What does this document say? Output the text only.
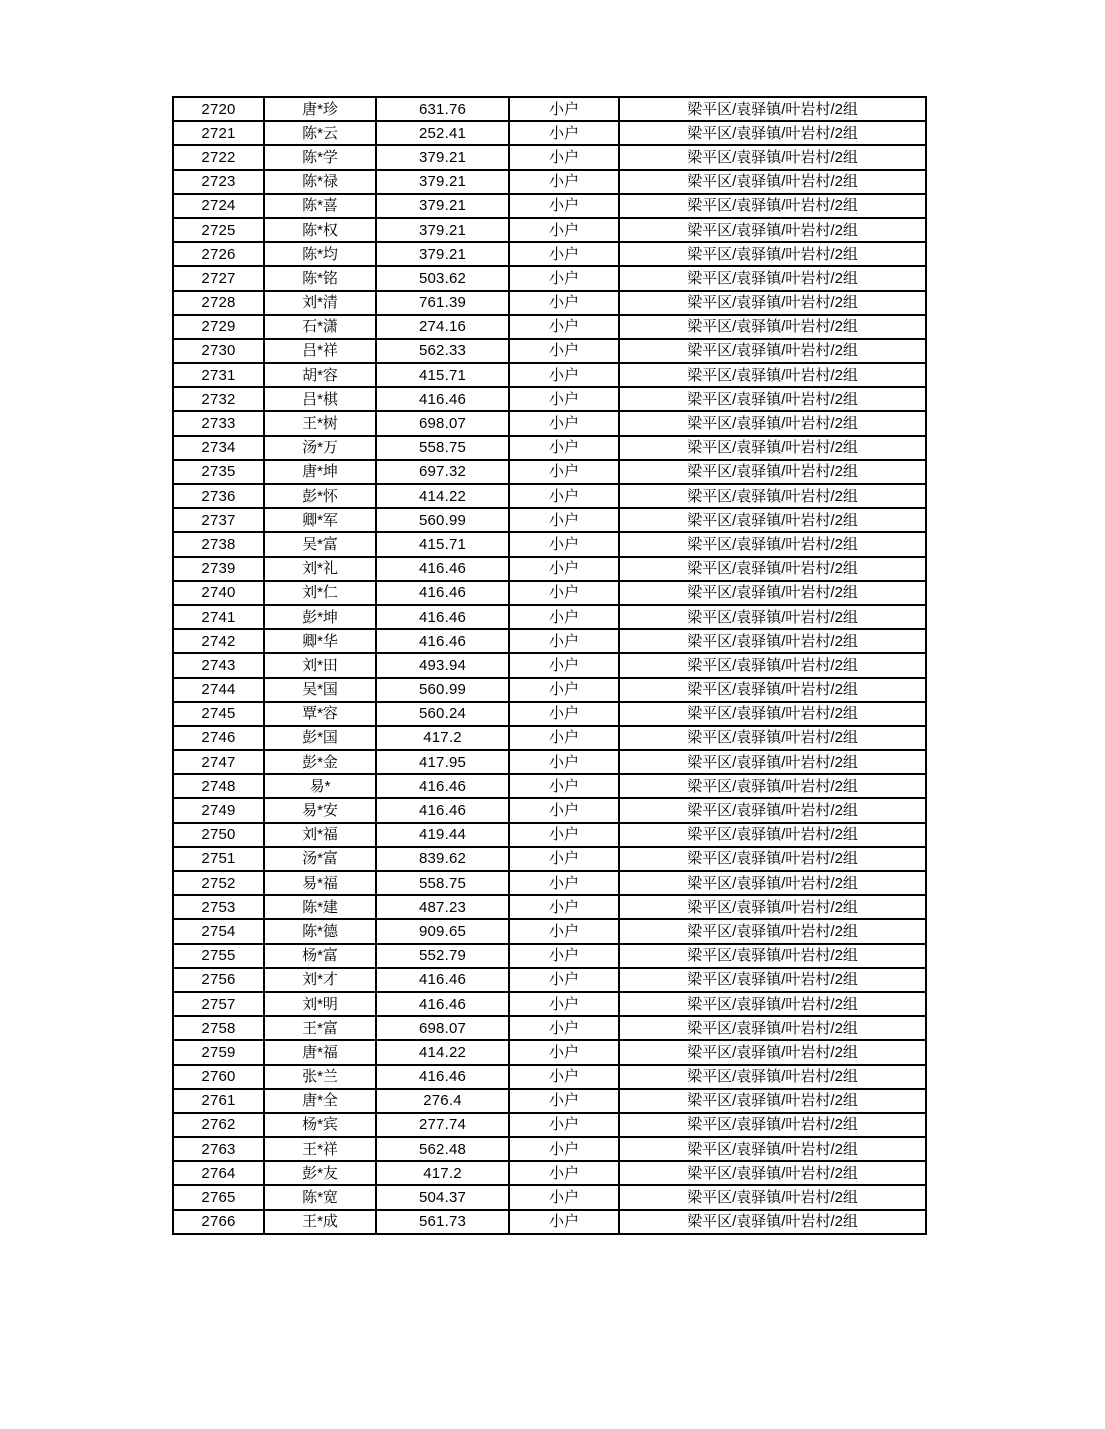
2720	唐*珍	631.76	小户	梁平区/袁驿镇/叶岩村/2组
2721	陈*云	252.41	小户	梁平区/袁驿镇/叶岩村/2组
2722	陈*学	379.21	小户	梁平区/袁驿镇/叶岩村/2组
2723	陈*禄	379.21	小户	梁平区/袁驿镇/叶岩村/2组
2724	陈*喜	379.21	小户	梁平区/袁驿镇/叶岩村/2组
2725	陈*权	379.21	小户	梁平区/袁驿镇/叶岩村/2组
2726	陈*均	379.21	小户	梁平区/袁驿镇/叶岩村/2组
2727	陈*铭	503.62	小户	梁平区/袁驿镇/叶岩村/2组
2728	刘*清	761.39	小户	梁平区/袁驿镇/叶岩村/2组
2729	石*潇	274.16	小户	梁平区/袁驿镇/叶岩村/2组
2730	吕*祥	562.33	小户	梁平区/袁驿镇/叶岩村/2组
2731	胡*容	415.71	小户	梁平区/袁驿镇/叶岩村/2组
2732	吕*棋	416.46	小户	梁平区/袁驿镇/叶岩村/2组
2733	王*树	698.07	小户	梁平区/袁驿镇/叶岩村/2组
2734	汤*万	558.75	小户	梁平区/袁驿镇/叶岩村/2组
2735	唐*坤	697.32	小户	梁平区/袁驿镇/叶岩村/2组
2736	彭*怀	414.22	小户	梁平区/袁驿镇/叶岩村/2组
2737	卿*军	560.99	小户	梁平区/袁驿镇/叶岩村/2组
2738	吴*富	415.71	小户	梁平区/袁驿镇/叶岩村/2组
2739	刘*礼	416.46	小户	梁平区/袁驿镇/叶岩村/2组
2740	刘*仁	416.46	小户	梁平区/袁驿镇/叶岩村/2组
2741	彭*坤	416.46	小户	梁平区/袁驿镇/叶岩村/2组
2742	卿*华	416.46	小户	梁平区/袁驿镇/叶岩村/2组
2743	刘*田	493.94	小户	梁平区/袁驿镇/叶岩村/2组
2744	吴*国	560.99	小户	梁平区/袁驿镇/叶岩村/2组
2745	覃*容	560.24	小户	梁平区/袁驿镇/叶岩村/2组
2746	彭*国	417.2	小户	梁平区/袁驿镇/叶岩村/2组
2747	彭*金	417.95	小户	梁平区/袁驿镇/叶岩村/2组
2748	易*	416.46	小户	梁平区/袁驿镇/叶岩村/2组
2749	易*安	416.46	小户	梁平区/袁驿镇/叶岩村/2组
2750	刘*福	419.44	小户	梁平区/袁驿镇/叶岩村/2组
2751	汤*富	839.62	小户	梁平区/袁驿镇/叶岩村/2组
2752	易*福	558.75	小户	梁平区/袁驿镇/叶岩村/2组
2753	陈*建	487.23	小户	梁平区/袁驿镇/叶岩村/2组
2754	陈*德	909.65	小户	梁平区/袁驿镇/叶岩村/2组
2755	杨*富	552.79	小户	梁平区/袁驿镇/叶岩村/2组
2756	刘*才	416.46	小户	梁平区/袁驿镇/叶岩村/2组
2757	刘*明	416.46	小户	梁平区/袁驿镇/叶岩村/2组
2758	王*富	698.07	小户	梁平区/袁驿镇/叶岩村/2组
2759	唐*福	414.22	小户	梁平区/袁驿镇/叶岩村/2组
2760	张*兰	416.46	小户	梁平区/袁驿镇/叶岩村/2组
2761	唐*全	276.4	小户	梁平区/袁驿镇/叶岩村/2组
2762	杨*宾	277.74	小户	梁平区/袁驿镇/叶岩村/2组
2763	王*祥	562.48	小户	梁平区/袁驿镇/叶岩村/2组
2764	彭*友	417.2	小户	梁平区/袁驿镇/叶岩村/2组
2765	陈*宽	504.37	小户	梁平区/袁驿镇/叶岩村/2组
2766	王*成	561.73	小户	梁平区/袁驿镇/叶岩村/2组
